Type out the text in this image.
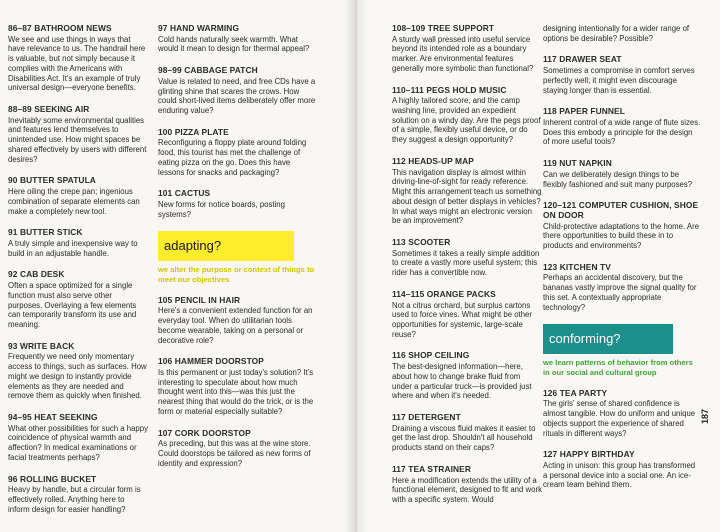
86–87 BATHROOM NEWS

We see and use things in ways that have relevance to us. The handrail here is valuable, but not simply because it complies with the Americans with Disabilities Act. It's an example of truly universal design—everyone benefits.

88–89 SEEKING AIR

Inevitably some environmental qualities and features lend themselves to unintended use. How might spaces be shared effectively by users with different desires?

90 BUTTER SPATULA

Here oiling the crepe pan; ingenious combination of separate elements can make a completely new tool.

91 BUTTER STICK

A truly simple and inexpensive way to build in an adjustable handle.

92 CAB DESK

Often a space optimized for a single function must also serve other purposes. Overlaying a few elements can temporarily transform its use and meaning.

93 WRITE BACK

Frequently we need only momentary access to things, such as surfaces. How might we design to instantly provide elements as they are needed and remove them as quickly when finished.

94–95 HEAT SEEKING

What other possibilities for such a happy coincidence of physical warmth and affection? In medical examinations or facial treatments perhaps?

96 ROLLING BUCKET

Heavy by handle, but a circular form is effectively rolled. Anything here to inform design for easier handling?

97 HAND WARMING

Cold hands naturally seek warmth. What would it mean to design for thermal appeal?

98–99 CABBAGE PATCH

Value is related to need, and free CDs have a glinting shine that scares the crows. How could short-lived items deliberately offer more enduring value?

100 PIZZA PLATE

Reconfiguring a floppy plate around folding food, this tourist has met the challenge of eating pizza on the go. Does this have lessons for snacks and packaging?

101 CACTUS

New forms for notice boards, posting systems?

adapting?
we alter the purpose or context of things to meet our objectives
105 PENCIL IN HAIR

Here's a convenient extended function for an everyday tool. When do utilitarian tools become wearable, taking on a personal or decorative role?

106 HAMMER DOORSTOP

Is this permanent or just today's solution? It's interesting to speculate about how much thought went into this—was this just the nearest thing that would do the trick, or is the form or material especially suitable?

107 CORK DOORSTOP

As preceding, but this was at the wine store. Could doorstops be tailored as new forms of identity and expression?

108–109 TREE SUPPORT

A sturdy wall pressed into useful service beyond its intended role as a boundary marker. Are environmental features generally more symbolic than functional?

110–111 PEGS HOLD MUSIC

A highly tailored score, and the camp washing line, provided an expedient solution on a windy day. Are the pegs proof of a simple, flexibly useful device, or do they suggest a design opportunity?

112 HEADS-UP MAP

This navigation display is almost within driving-line-of-sight for ready reference. Might this arrangement teach us something about design of better displays in vehicles? In what ways might an electronic version be an improvement?

113 SCOOTER

Sometimes it takes a really simple addition to create a vastly more useful system; this rider has a convertible now.

114–115 ORANGE PACKS

Not a citrus orchard, but surplus cartons used to force vines. What might be other opportunities for systemic, large-scale reuse?

116 SHOP CEILING

The best-designed information—here, about how to change brake fluid from under a particular truck—is provided just where and when it's needed.

117 DETERGENT

Draining a viscous fluid makes it easier to get the last drop. Shouldn't all household products stand on their caps?

117 TEA STRAINER

Here a modification extends the utility of a functional element, designed to fit and work with a specific system. Would

designing intentionally for a wider range of options be desirable? Possible?

117 DRAWER SEAT

Sometimes a compromise in comfort serves perfectly well; it might even discourage staying longer than is essential.

118 PAPER FUNNEL

Inherent control of a wide range of flute sizes. Does this embody a principle for the design of more useful tools?

119 NUT NAPKIN

Can we deliberately design things to be flexibly fashioned and suit many purposes?

120–121 COMPUTER CUSHION, SHOE ON DOOR

Child-protective adaptations to the home. Are there opportunities to build these in to products and environments?

123 KITCHEN TV

Perhaps an accidental discovery, but the bananas vastly improve the signal quality for this set. A contextually appropriate technology?

conforming?
we learn patterns of behavior from others in our social and cultural group
126 TEA PARTY

The girls' sense of shared confidence is almost tangible. How do uniform and unique objects support the experience of shared rituals in different ways?

127 HAPPY BIRTHDAY

Acting in unison: this group has transformed a personal device into a social one. An ice-cream team behind them.

187
